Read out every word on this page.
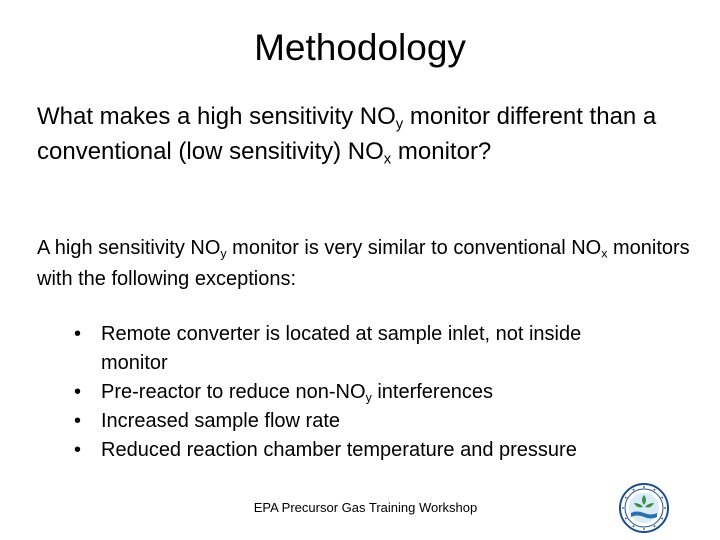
Methodology
What makes a high sensitivity $NO_y$ monitor different than a conventional (low sensitivity) $NO_x$ monitor?
A high sensitivity $NO_y$ monitor is very similar to conventional $NO_x$ monitors with the following exceptions:
• Remote converter is located at sample inlet, not inside monitor
• Pre-reactor to reduce non-$NO_y$ interferences
• Increased sample flow rate
• Reduced reaction chamber temperature and pressure
EPA Precursor Gas Training Workshop
